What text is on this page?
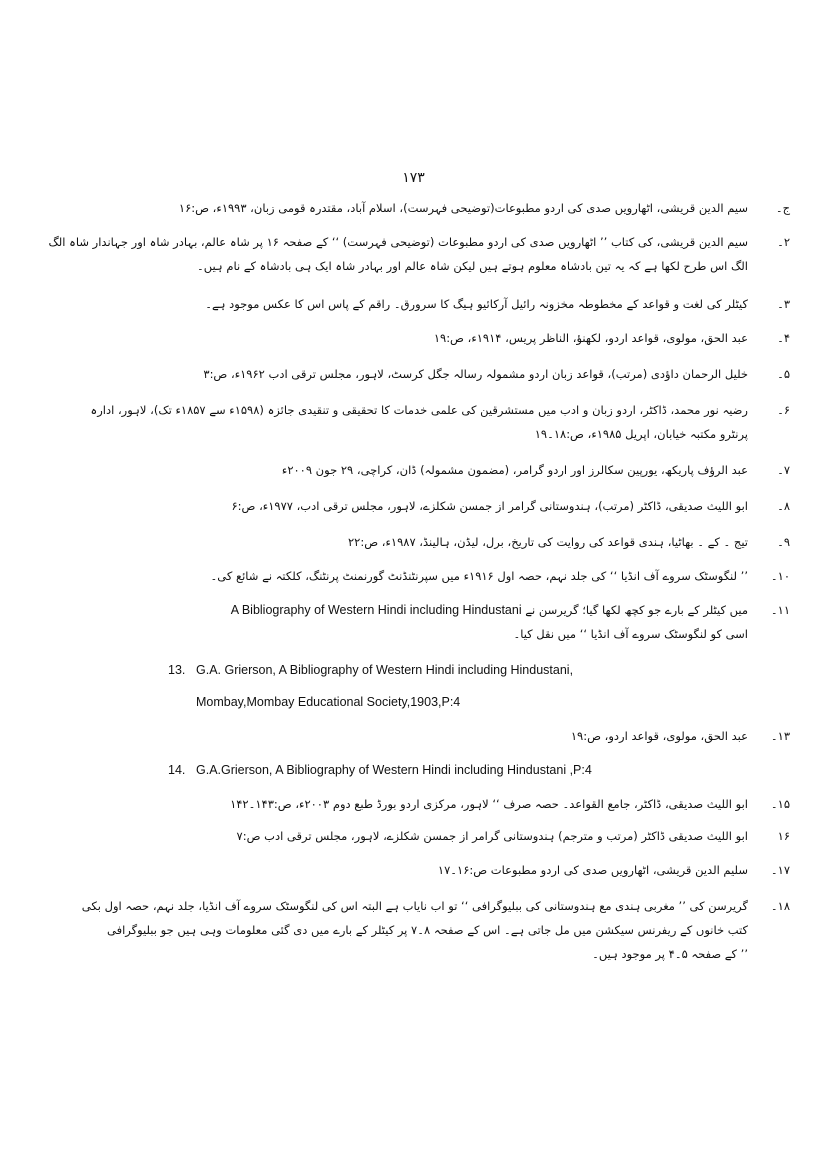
۱۷۳
ج۔
سیم الدین قریشی، اٹھارویں صدی کی اردو مطبوعات(توضیحی فہرست)، اسلام آباد، مقتدرہ قومی زبان، ۱۹۹۳ء، ص:۱۶
۲۔
سیم الدین قریشی، کی کتاب ’’ اٹھارویں صدی کی اردو مطبوعات (توضیحی فہرست) ‘‘ کے صفحہ ۱۶ پر شاہ عالم، بہادر شاہ اور جہاندار شاہ الگ
الگ اس طرح لکھا ہے کہ یہ تین بادشاہ معلوم ہوتے ہیں لیکن شاہ عالم اور بہادر شاہ ایک ہی بادشاہ کے نام ہیں۔
۳۔
کیٹلر کی لغت و قواعد کے مخطوطہ مخزونہ رائیل آرکائیو ہیگ کا سرورق۔ راقم کے پاس اس کا عکس موجود ہے۔
۴۔
عبد الحق، مولوی، قواعد اردو، لکھنؤ، الناظر پریس، ۱۹۱۴ء، ص:۱۹
۵۔
خلیل الرحمان داؤدی (مرتب)، قواعد زبان اردو مشمولہ رسالہ جگل کرسٹ، لاہور، مجلس ترقی ادب ۱۹۶۲ء، ص:۳
۶۔
رضیہ نور محمد، ڈاکٹر، اردو زبان و ادب میں مستشرقین کی علمی خدمات کا تحقیقی و تنقیدی جائزہ (۱۵۹۸ء سے ۱۸۵۷ء تک)، لاہور، ادارہ
پرنٹرو مکتبہ خیابان، اپریل ۱۹۸۵ء، ص:۱۸۔۱۹
۷۔
عبد الرؤف پاریکھ، یورپین سکالرز اور اردو گرامر، (مضمون مشمولہ) ڈان، کراچی، ۲۹ جون ۲۰۰۹ء
۸۔
ابو اللیث صدیقی، ڈاکٹر (مرتب)، ہندوستانی گرامر از جمسن شکلزے، لاہور، مجلس ترقی ادب، ۱۹۷۷ء، ص:۶
۹۔
تیج ۔ کے ۔ بھاٹیا، ہندی قواعد کی روایت کی تاریخ، برل، لیڈن، ہالینڈ، ۱۹۸۷ء، ص:۲۲
۱۰۔
’’ لنگوسٹک سروے آف انڈیا ‘‘ کی جلد نہم، حصہ اول ۱۹۱۶ء میں سپرنٹنڈنٹ گورنمنٹ پرنٹنگ، کلکتہ نے شائع کی۔
۱۱۔
میں کیٹلر کے بارے جو کچھ لکھا گیا؛ گریرسن نے A Bibliography of Western Hindi including Hindustani
اسی کو لنگوسٹک سروے آف انڈیا ‘‘ میں نقل کیا۔
13. G.A. Grierson, A Bibliography of Western Hindi including Hindustani,
Mombay,Mombay Educational Society,1903,P:4
۱۳۔
عبد الحق، مولوی، قواعد اردو، ص:۱۹
14. G.A.Grierson, A Bibliography of Western Hindi including Hindustani ,P:4
۱۵۔
ابو اللیث صدیقی، ڈاکٹر، جامع القواعد۔ حصہ صرف ‘‘ لاہور، مرکزی اردو بورڈ طبع دوم ۲۰۰۳ء، ص:۱۴۳۔۱۴۲
۱۶
ابو اللیث صدیقی ڈاکٹر (مرتب و مترجم) ہندوستانی گرامر از جمسن شکلزے، لاہور، مجلس ترقی ادب ص:۷
۱۷۔
سلیم الدین قریشی، اٹھارویں صدی کی اردو مطبوعات ص:۱۶۔۱۷
۱۸۔
گریرسن کی ’’ مغربی ہندی مع ہندوستانی کی ببلیوگرافی ‘‘ تو اب نایاب ہے البتہ اس کی لنگوسٹک سروے آف انڈیا، جلد نہم، حصہ اول بکی
کتب خانوں کے ریفرنس سیکشن میں مل جاتی ہے۔ اس کے صفحہ ۸۔۷ پر کیٹلر کے بارے میں دی گئی معلومات وہی ہیں جو ببلیوگرافی
’’ کے صفحہ ۵۔۴ پر موجود ہیں۔
